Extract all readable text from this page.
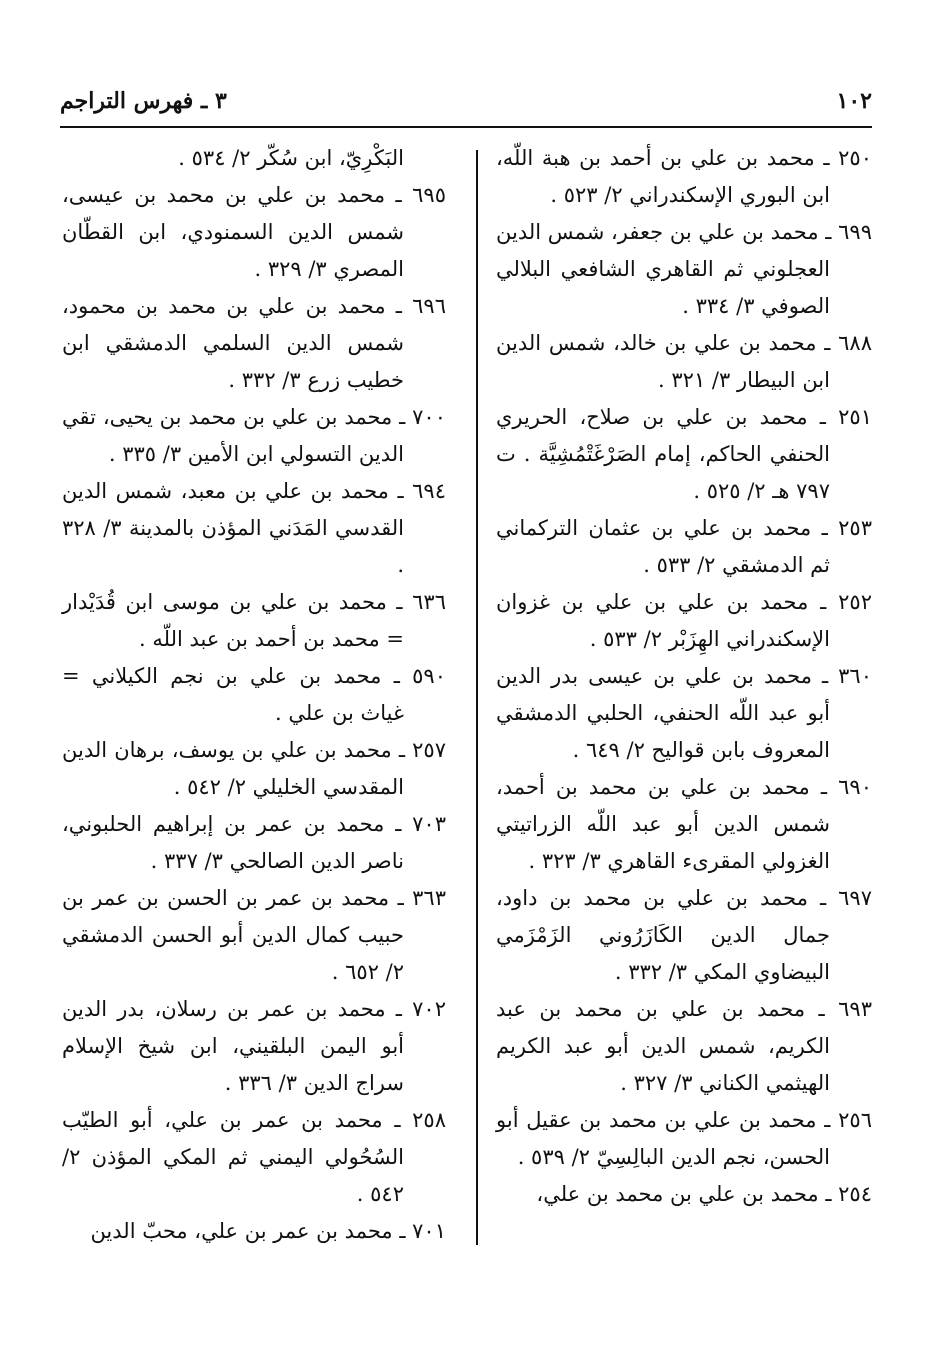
١٠٢
٣ ـ فهرس التراجم

٢٥٠ ـ محمد بن علي بن أحمد بن هبة اللّه، ابن البوري الإسكندراني ٢/ ٥٢٣ .

٦٩٩ ـ محمد بن علي بن جعفر، شمس الدين العجلوني ثم القاهري الشافعي البلالي الصوفي ٣/ ٣٣٤ .

٦٨٨ ـ محمد بن علي بن خالد، شمس الدين ابن البيطار ٣/ ٣٢١ .

٢٥١ ـ محمد بن علي بن صلاح، الحريري الحنفي الحاكم، إمام الصَرْغَتْمُشِيَّة . ت ٧٩٧ هـ ٢/ ٥٢٥ .

٢٥٣ ـ محمد بن علي بن عثمان التركماني ثم الدمشقي ٢/ ٥٣٣ .

٢٥٢ ـ محمد بن علي بن علي بن غزوان الإسكندراني الهِزَبْر ٢/ ٥٣٣ .

٣٦٠ ـ محمد بن علي بن عيسى بدر الدين أبو عبد اللّه الحنفي، الحلبي الدمشقي المعروف بابن قواليح ٢/ ٦٤٩ .

٦٩٠ ـ محمد بن علي بن محمد بن أحمد، شمس الدين أبو عبد اللّه الزراتيتي الغزولي المقرىء القاهري ٣/ ٣٢٣ .

٦٩٧ ـ محمد بن علي بن محمد بن داود، جمال الدين الكَازَرُوني الزَمْزَمي البيضاوي المكي ٣/ ٣٣٢ .

٦٩٣ ـ محمد بن علي بن محمد بن عبد الكريم، شمس الدين أبو عبد الكريم الهيثمي الكناني ٣/ ٣٢٧ .

٢٥٦ ـ محمد بن علي بن محمد بن عقيل أبو الحسن، نجم الدين البالِسِيّ ٢/ ٥٣٩ .

٢٥٤ ـ محمد بن علي بن محمد بن علي،

البَكْرِيّ، ابن سُكّر ٢/ ٥٣٤ .

٦٩٥ ـ محمد بن علي بن محمد بن عيسى، شمس الدين السمنودي، ابن القطّان المصري ٣/ ٣٢٩ .

٦٩٦ ـ محمد بن علي بن محمد بن محمود، شمس الدين السلمي الدمشقي ابن خطيب زرع ٣/ ٣٣٢ .

٧٠٠ ـ محمد بن علي بن محمد بن يحيى، تقي الدين التسولي ابن الأمين ٣/ ٣٣٥ .

٦٩٤ ـ محمد بن علي بن معبد، شمس الدين القدسي المَدَني المؤذن بالمدينة ٣/ ٣٢٨ .

٦٣٦ ـ محمد بن علي بن موسى ابن قُدَيْدار = محمد بن أحمد بن عبد اللّه .

٥٩٠ ـ محمد بن علي بن نجم الكيلاني = غياث بن علي .

٢٥٧ ـ محمد بن علي بن يوسف، برهان الدين المقدسي الخليلي ٢/ ٥٤٢ .

٧٠٣ ـ محمد بن عمر بن إبراهيم الحلبوني، ناصر الدين الصالحي ٣/ ٣٣٧ .

٣٦٣ ـ محمد بن عمر بن الحسن بن عمر بن حبيب كمال الدين أبو الحسن الدمشقي ٢/ ٦٥٢ .

٧٠٢ ـ محمد بن عمر بن رسلان، بدر الدين أبو اليمن البلقيني، ابن شيخ الإسلام سراج الدين ٣/ ٣٣٦ .

٢٥٨ ـ محمد بن عمر بن علي، أبو الطيّب السُحُولي اليمني ثم المكي المؤذن ٢/ ٥٤٢ .

٧٠١ ـ محمد بن عمر بن علي، محبّ الدين
